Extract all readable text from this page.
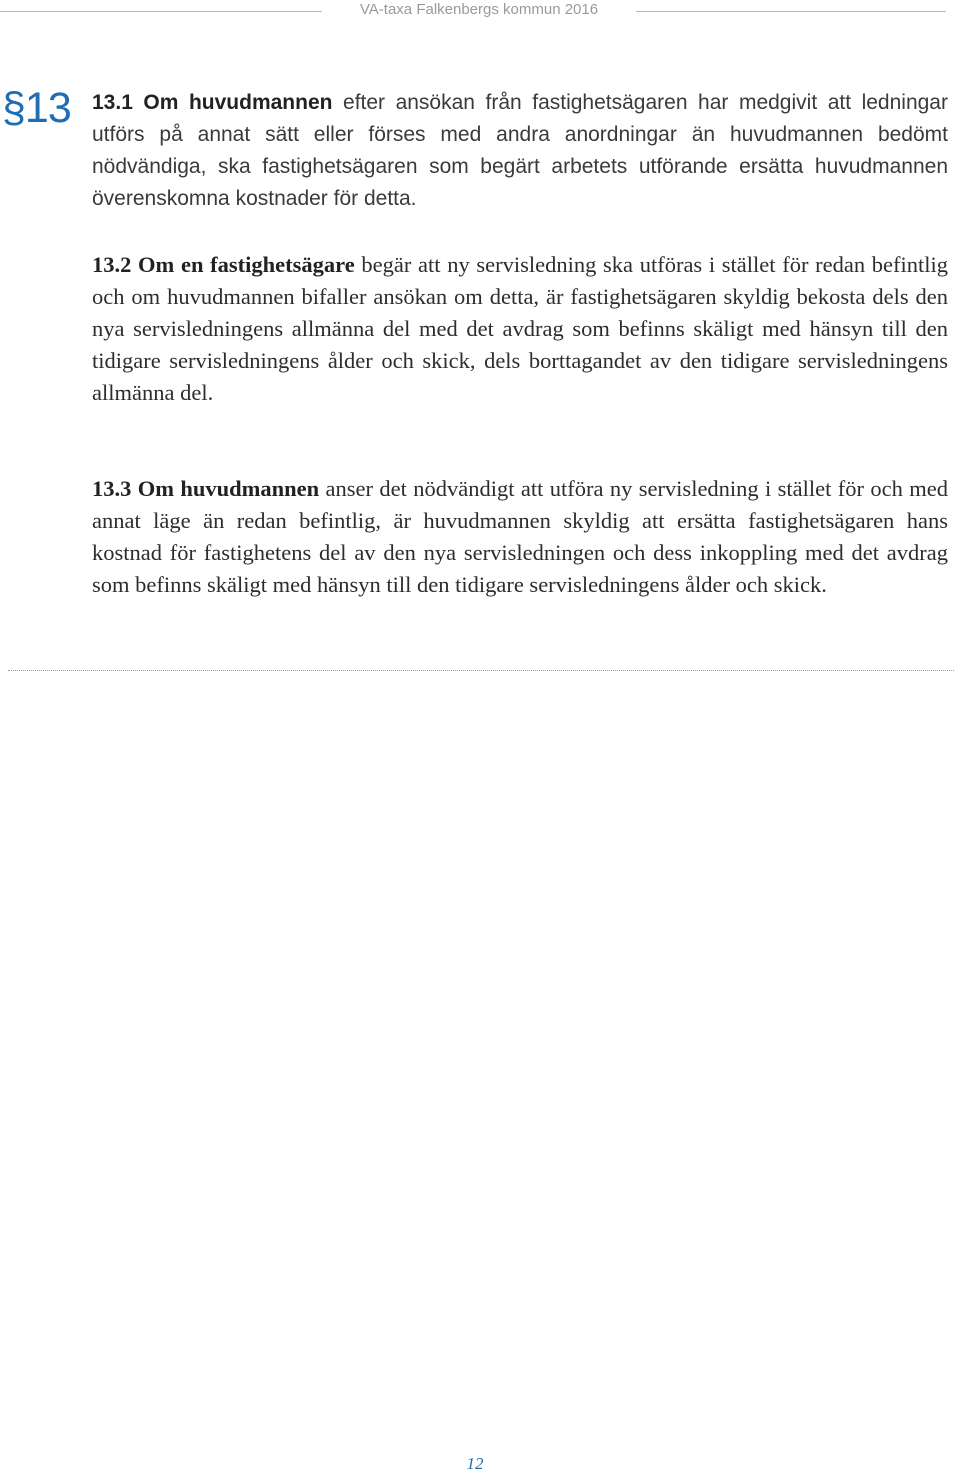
VA-taxa Falkenbergs kommun 2016
§13 13.1 Om huvudmannen efter ansökan från fastighetsägaren har medgivit att ledningar utförs på annat sätt eller förses med andra anordningar än huvudmannen bedömt nödvändiga, ska fastighetsägaren som begärt arbetets utförande ersätta huvudmannen överenskomna kostnader för detta.

13.2 Om en fastighetsägare begär att ny servisledning ska utföras i stället för redan befintlig och om huvudmannen bifaller ansökan om detta, är fastighetsägaren skyldig bekosta dels den nya servisledningens allmänna del med det avdrag som befinns skäligt med hänsyn till den tidigare servisledningens ålder och skick, dels borttagandet av den tidigare servisledningens allmänna del.

13.3 Om huvudmannen anser det nödvändigt att utföra ny servisledning i stället för och med annat läge än redan befintlig, är huvudmannen skyldig att ersätta fastighetsägaren hans kostnad för fastighetens del av den nya servisledningen och dess inkoppling med det avdrag som befinns skäligt med hänsyn till den tidigare servisledningens ålder och skick.

12
